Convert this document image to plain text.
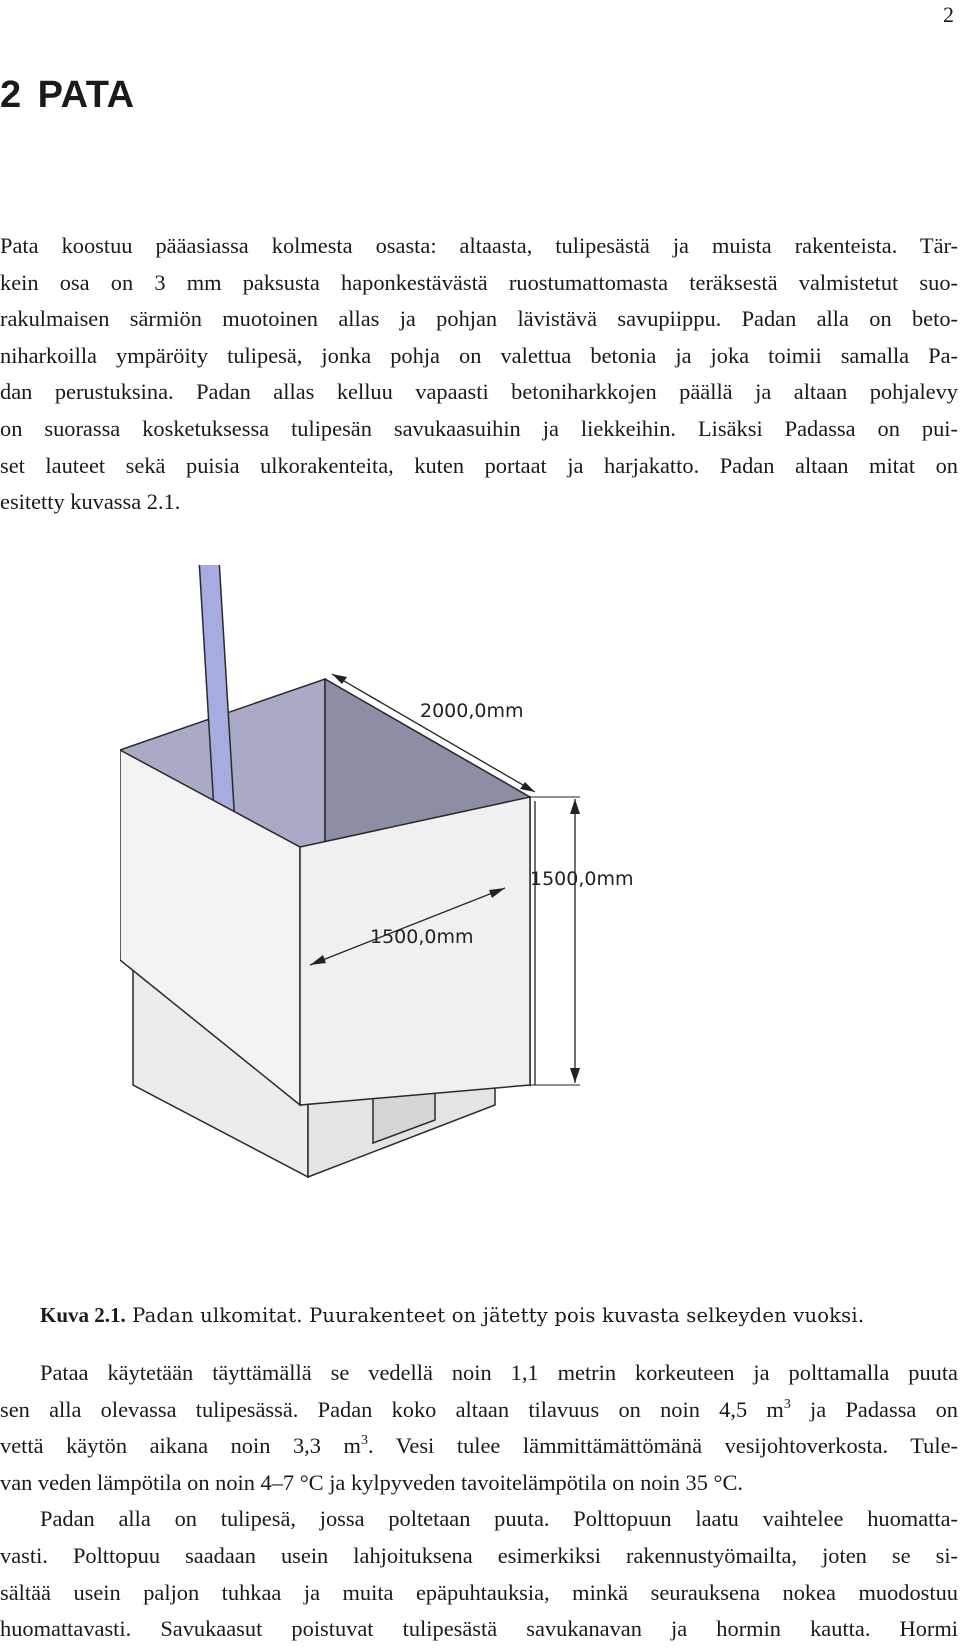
2
2 PATA

Pata koostuu pääasiassa kolmesta osasta: altaasta, tulipesästä ja muista rakenteista. Tär-
kein osa on 3 mm paksusta haponkestävästä ruostumattomasta teräksestä valmistetut suo-
rakulmaisen särmiön muotoinen allas ja pohjan lävistävä savupiippu. Padan alla on beto-
niharkoilla ympäröity tulipesä, jonka pohja on valettua betonia ja joka toimii samalla Pa-
dan perustuksina. Padan allas kelluu vapaasti betoniharkkojen päällä ja altaan pohjalevy
on suorassa kosketuksessa tulipesän savukaasuihin ja liekkeihin. Lisäksi Padassa on pui-
set lauteet sekä puisia ulkorakenteita, kuten portaat ja harjakatto. Padan altaan mitat on
esitetty kuvassa 2.1.

2000,0mm
1500,0mm
1500,0mm

Kuva 2.1. Padan ulkomitat. Puurakenteet on jätetty pois kuvasta selkeyden vuoksi.

Pataa käytetään täyttämällä se vedellä noin 1,1 metrin korkeuteen ja polttamalla puuta
sen alla olevassa tulipesässä. Padan koko altaan tilavuus on noin 4,5 $m^3$ ja Padassa on
vettä käytön aikana noin 3,3 $m^3$. Vesi tulee lämmittämättömänä vesijohtoverkosta. Tule-
van veden lämpötila on noin 4–7 °C ja kylpyveden tavoitelämpötila on noin 35 °C.
Padan alla on tulipesä, jossa poltetaan puuta. Polttopuun laatu vaihtelee huomatta-
vasti. Polttopuu saadaan usein lahjoituksena esimerkiksi rakennustyömailta, joten se si-
sältää usein paljon tuhkaa ja muita epäpuhtauksia, minkä seurauksena nokea muodostuu
huomattavasti. Savukaasut poistuvat tulipesästä savukanavan ja hormin kautta. Hormi
